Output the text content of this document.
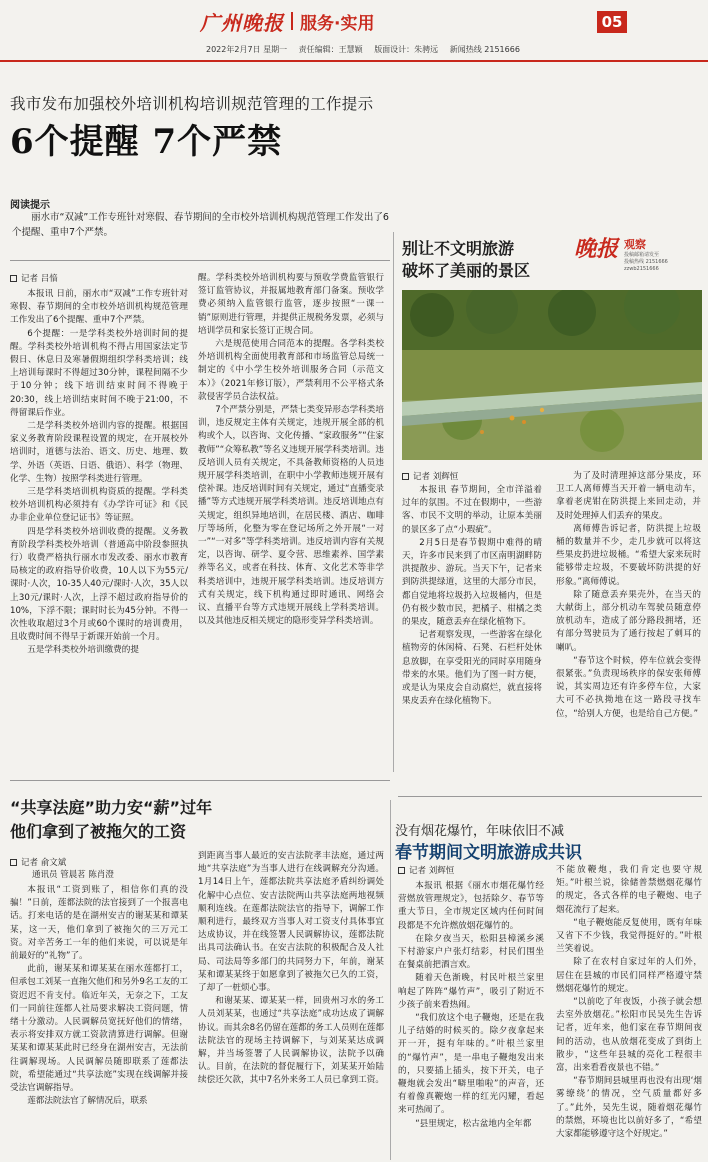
广州晚报 服务·实用	05
2022年2月7日 星期一 责任编辑：王慧颖 版面设计：朱骋远 新闻热线 2151666
我市发布加强校外培训机构培训规范管理的工作提示
6个提醒 7个严禁
阅读提示
丽水市“双减”工作专班针对寒假、春节期间的全市校外培训机构规范管理工作发出了6个提醒、重申7个严禁。
记者 吕愔

本报讯 日前，丽水市“双减”工作专班针对寒假、春节期间的全市校外培训机构规范管理工作发出了6个提醒、重申7个严禁。

6个提醒：一是学科类校外培训时间的提醒。学科类校外培训机构不得占用国家法定节假日、休息日及寒暑假期组织学科类培训；线上培训每课时不得超过30分钟，课程间隔不少于10分钟；线下培训结束时间不得晚于20:30，线上培训结束时间不晚于21:00，不得留课后作业。

二是学科类校外培训内容的提醒。根据国家义务教育阶段课程设置的规定，在开展校外培训时，道德与法治、语文、历史、地理、数学、外语（英语、日语、俄语）、科学（物理、化学、生物）按照学科类进行管理。

三是学科类培训机构资质的提醒。学科类校外培训机构必须持有《办学许可证》和《民办非企业单位登记证书》等证照。

四是学科类校外培训收费的提醒。义务教育阶段学科类校外培训（普通高中阶段参照执行）收费严格执行丽水市发改委、丽水市教育局核定的政府指导价收费，10人以下为55元/课时·人次，10-35人40元/课时·人次，35人以上30元/课时·人次，上浮不超过政府指导价的10%，下浮不限；课时时长为45分钟。不得一次性收取超过3个月或60个课时的培训费用，且收费时间不得早于新课开始前一个月。

五是学科类校外培训缴费的提

醒。学科类校外培训机构要与预收学费监管银行签订监管协议，并报属地教育部门备案。预收学费必须纳入监管银行监管，逐步按照“一课一销”原则进行管理，并提供正规税务发票，必须与培训学员和家长签订正规合同。

六是规范使用合同范本的提醒。各学科类校外培训机构全面使用教育部和市场监管总局统一制定的《中小学生校外培训服务合同（示范文本）》（2021年修订版），严禁利用不公平格式条款侵害学员合法权益。

7个严禁分别是，严禁七类变异形态学科类培训，违反规定主体有关规定，违规开展全部的机构或个人，以咨询、文化传播、“家政服务”“住家教师”“众筹私教”等名义违规开展学科类培训。违反培训人员有关规定，不具备教师资格的人员违规开展学科类培训，在职中小学教师违规开展有偿补课。违反培训时间有关规定，通过“直播变录播”等方式违规开展学科类培训。违反培训地点有关规定，组织异地培训，在居民楼、酒店、咖啡厅等场所，化整为零在登记场所之外开展“一对一”“一对多”等学科类培训。违反培训内容有关规定，以咨询、研学、夏令营、思维素养、国学素养等名义，或者在科技、体育、文化艺术等非学科类培训中，违规开展学科类培训。违反培训方式有关规定，线下机构通过即时通讯、网络会议、直播平台等方式违规开展线上学科类培训。以及其他违反相关规定的隐形变异学科类培训。

别让不文明旅游
破坏了美丽的景区
晚报 观察
投稿邮箱请发至
投稿热线 2151666
zzwb2151666
记者 刘辉恒

本报讯 春节期间，全市洋溢着过年的氛围。不过在假期中，一些游客、市民不文明的举动，让原本美丽的景区多了点“小瑕疵”。

2月5日是春节假期中难得的晴天，许多市民来到了市区南明湖畔防洪提散步、游玩。当天下午，记者来到防洪提绿道，这里的大部分市民，都自觉地将垃圾扔入垃圾桶内，但是仍有极少数市民，把橘子、柑橘之类的果皮，随意丢弃在绿化植物下。

记者观察发现，一些游客在绿化植物旁的休闲椅、石凳、石栏杆处休息放脚，在享受阳光的同时享用随身带来的水果。他们为了图一时方便，或是认为果皮会自动腐烂，就直接将果皮丢弃在绿化植物下。

为了及时清理掉这部分果皮，环卫工人离师傅当天开着一辆电动车，拿着老虎钳在防洪提上来回走动，并及时处理掉人们丢弃的果皮。

离师傅告诉记者，防洪提上垃圾桶的数量并不少，走几步就可以将这些果皮扔进垃圾桶。“希望大家来玩时能够带走垃圾，不要破坏防洪提的好形象。”离师傅说。

除了随意丢弃果壳外，在当天的大献街上，部分机动车驾驶员随意停放机动车，造成了部分路段拥堵，还有部分驾驶员为了通行按起了刺耳的喇叭。

“春节这个时候，停车位就会变得很紧张。”负责现场秩序的保安张师傅说，其实周边还有许多停车位，大家大可不必执拗地在这一路段寻找车位，“给别人方便，也是给自己方便。”

“共享法庭”助力安“薪”过年
他们拿到了被拖欠的工资
记者 俞文斌
通讯员 管晨茗 陈肖澄

本报讯“工资到账了，相信你们真的没骗！”日前，莲都法院的法官接到了一个报喜电话。打来电话的是在湖州安吉的谢某某和谭某某，这一天，他们拿到了被拖欠的三万元工资。对辛苦务工一年的他们来说，可以说是年前最好的“礼物”了。

此前，谢某某和谭某某在丽水莲都打工，但承包工刘某一直拖欠他们和另外9名工友的工资迟迟不肯支付。临近年关，无奈之下，工友们一同前往莲都人社局要求解决工资问题，情绪十分激动。人民调解员宽抚好他们的情绪，表示将安排双方就工资款清算进行调解。但谢某某和谭某某此时已经身在湖州安吉，无法前往调解现场。人民调解员随即联系了莲都法院，希望能通过“共享法庭”实现在线调解并接受法官调解指导。

莲都法院法官了解情况后，联系

到距离当事人最近的安吉法院孝丰法庭，通过两地“共享法庭”为当事人进行在线调解充分沟通。1月14日上午，莲都法院共享法庭矛盾纠纷调处化解中心点位、安吉法院两山共享法庭两地视频顺利连线。在莲都法院法官的指导下，调解工作顺利进行，最终双方当事人对工资支付具体事宜达成协议，并在线签署人民调解协议，莲都法院出具司法确认书。在安吉法院的积极配合及人社局、司法局等多部门的共同努力下，年前，谢某某和谭某某终于如愿拿到了被拖欠已久的工资，了却了一桩烦心事。

和谢某某、谭某某一样，回贵州习水的务工人员刘某某，也通过“共享法庭”成功达成了调解协议。而其余8名仍留在莲都的务工人员则在莲都法院法官的现场主持调解下，与刘某某达成调解，并当场签署了人民调解协议，法院予以确认。目前，在法院的督促履行下，刘某某开始陆续偿还欠款，其中7名外来务工人员已拿到工资。

没有烟花爆竹，年味依旧不减
春节期间文明旅游成共识
记者 刘辉恒

本报讯 根据《丽水市烟花爆竹经营燃放管理规定》，包括除夕、春节等重大节日，全市规定区域内任何时间段都是不允许燃放烟花爆竹的。

在除夕夜当天，松阳县樟溪乡溪下村游家户户张灯结彩，村民们围坐在餐桌前把酒言欢。

随着天色渐晚，村民叶根兰家里响起了阵阵“爆竹声”，吸引了附近不少孩子前来看热闹。

“我们放这个电子鞭炮，还是在我儿子结婚的时候买的。除夕夜拿起来开一开，挺有年味的。”叶根兰家里的“爆竹声”，是一串电子鞭炮发出来的，只要插上插头，按下开关，电子鞭炮就会发出“噼里啪啦”的声音，还有着像真鞭炮一样的红光闪耀，看起来可热闹了。

“县里规定，松古盆地内全年都

不能放鞭炮，我们肯定也要守规矩。”叶根兰说，徐储普禁燃烟花爆竹的规定，各式各样的电子鞭炮、电子烟花流行了起来。

“电子鞭炮能反复使用，既有年味又省下不少钱，我觉得挺好的。”叶根兰笑着说。

除了在农村自家过年的人们外，居住在县城的市民们同样严格遵守禁燃烟花爆竹的规定。

“以前吃了年夜饭，小孩子就会想去室外放烟花。”松阳市民吴先生告诉记者，近年来，他们家在春节期间夜间的活动，也从放烟花变成了到街上散步，“这些年县城的亮化工程很丰富，出来看看夜景也不错。”

“春节期间县城里再也没有出现‘烟雾缭绕’的情况，空气质量都好多了。”此外，吴先生说，随着烟花爆竹的禁燃，环境也比以前好多了，“希望大家都能够遵守这个好规定。”
